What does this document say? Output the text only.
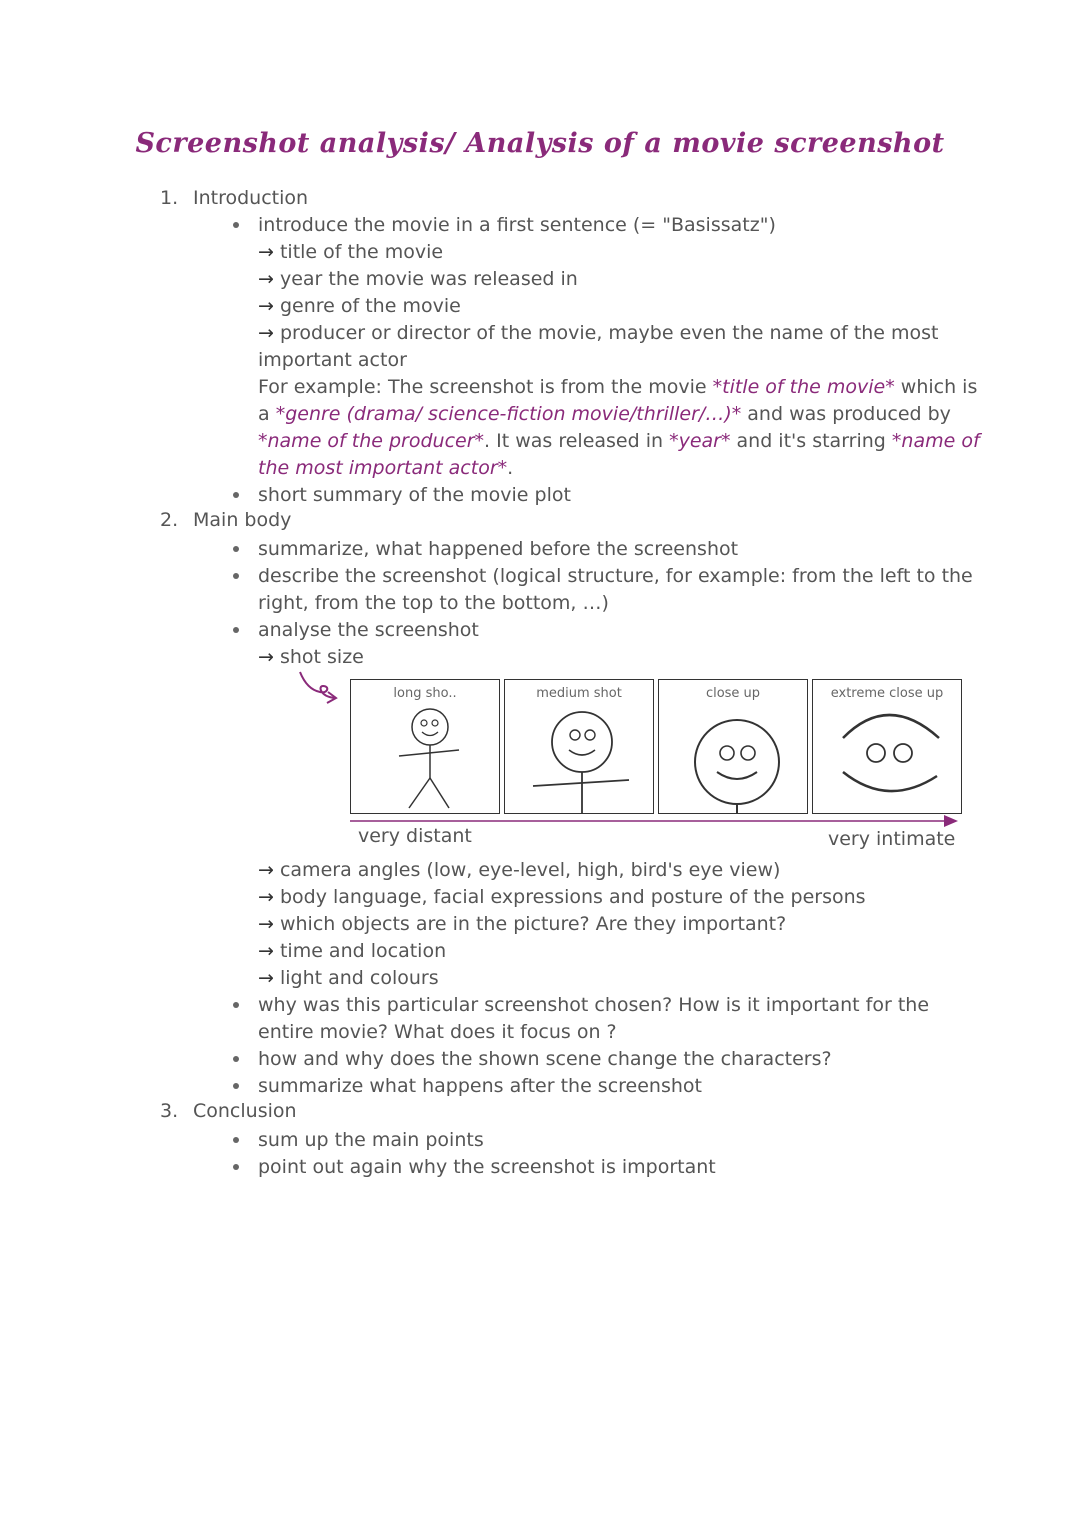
Screenshot analysis/ Analysis of a movie screenshot
1. Introduction
introduce the movie in a first sentence (= "Basissatz")
→ title of the movie
→ year the movie was released in
→ genre of the movie
→ producer or director of the movie, maybe even the name of the most
important actor
For example: The screenshot is from the movie *title of the movie* which is
a *genre (drama/ science-fiction movie/thriller/…)* and was produced by
*name of the producer*. It was released in *year* and it's starring *name of
the most important actor*.
short summary of the movie plot
2. Main body
summarize, what happened before the screenshot
describe the screenshot (logical structure, for example: from the left to the
right, from the top to the bottom, …)
analyse the screenshot
→ shot size
long sho..	medium shot	close up	extreme close up
very distant	very intimate
→ camera angles (low, eye-level, high, bird's eye view)
→ body language, facial expressions and posture of the persons
→ which objects are in the picture? Are they important?
→ time and location
→ light and colours
why was this particular screenshot chosen? How is it important for the
entire movie? What does it focus on ?
how and why does the shown scene change the characters?
summarize what happens after the screenshot
3. Conclusion
sum up the main points
point out again why the screenshot is important
